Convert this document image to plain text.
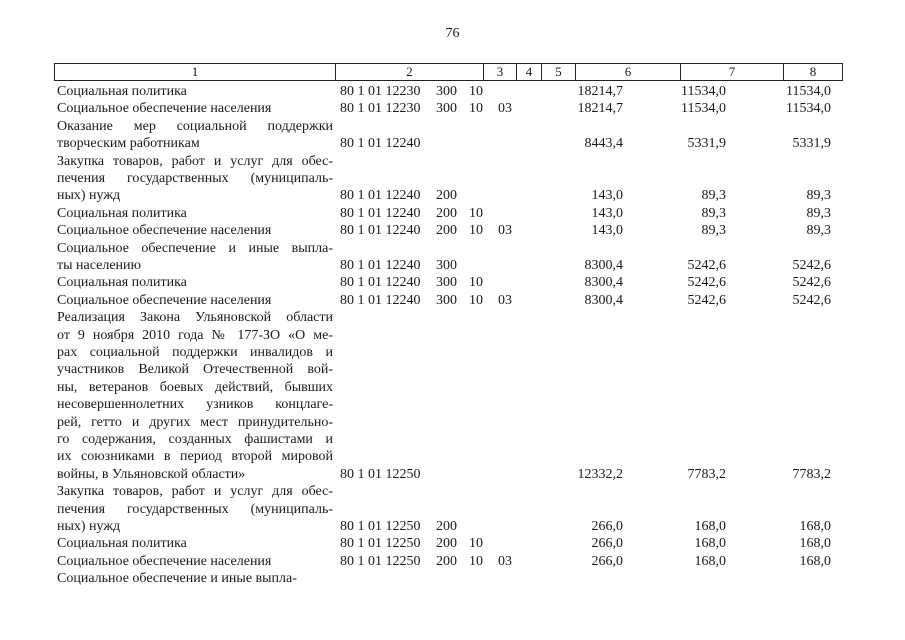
76
1	2	3	4	5	6	7	8
Социальная политика	80 1 01 12230	300 10	18214,7	11534,0	11534,0
Социальное обеспечение населения	80 1 01 12230	300 10	03	18214,7	11534,0	11534,0
Оказание мер социальной поддержки
творческим работникам	80 1 01 12240	8443,4	5331,9	5331,9
Закупка товаров, работ и услуг для обес-
печения государственных (муниципаль-
ных) нужд	80 1 01 12240	200	143,0	89,3	89,3
Социальная политика	80 1 01 12240	200 10	143,0	89,3	89,3
Социальное обеспечение населения	80 1 01 12240	200 10	03	143,0	89,3	89,3
Социальное обеспечение и иные выпла-
ты населению	80 1 01 12240	300	8300,4	5242,6	5242,6
Социальная политика	80 1 01 12240	300 10	8300,4	5242,6	5242,6
Социальное обеспечение населения	80 1 01 12240	300 10	03	8300,4	5242,6	5242,6
Реализация Закона Ульяновской области
от 9 ноября 2010 года № 177-ЗО «О ме-
рах социальной поддержки инвалидов и
участников Великой Отечественной вой-
ны, ветеранов боевых действий, бывших
несовершеннолетних узников концлаге-
рей, гетто и других мест принудительно-
го содержания, созданных фашистами и
их союзниками в период второй мировой
войны, в Ульяновской области»	80 1 01 12250	12332,2	7783,2	7783,2
Закупка товаров, работ и услуг для обес-
печения государственных (муниципаль-
ных) нужд	80 1 01 12250	200	266,0	168,0	168,0
Социальная политика	80 1 01 12250	200 10	266,0	168,0	168,0
Социальное обеспечение населения	80 1 01 12250	200 10	03	266,0	168,0	168,0
Социальное обеспечение и иные выпла-
